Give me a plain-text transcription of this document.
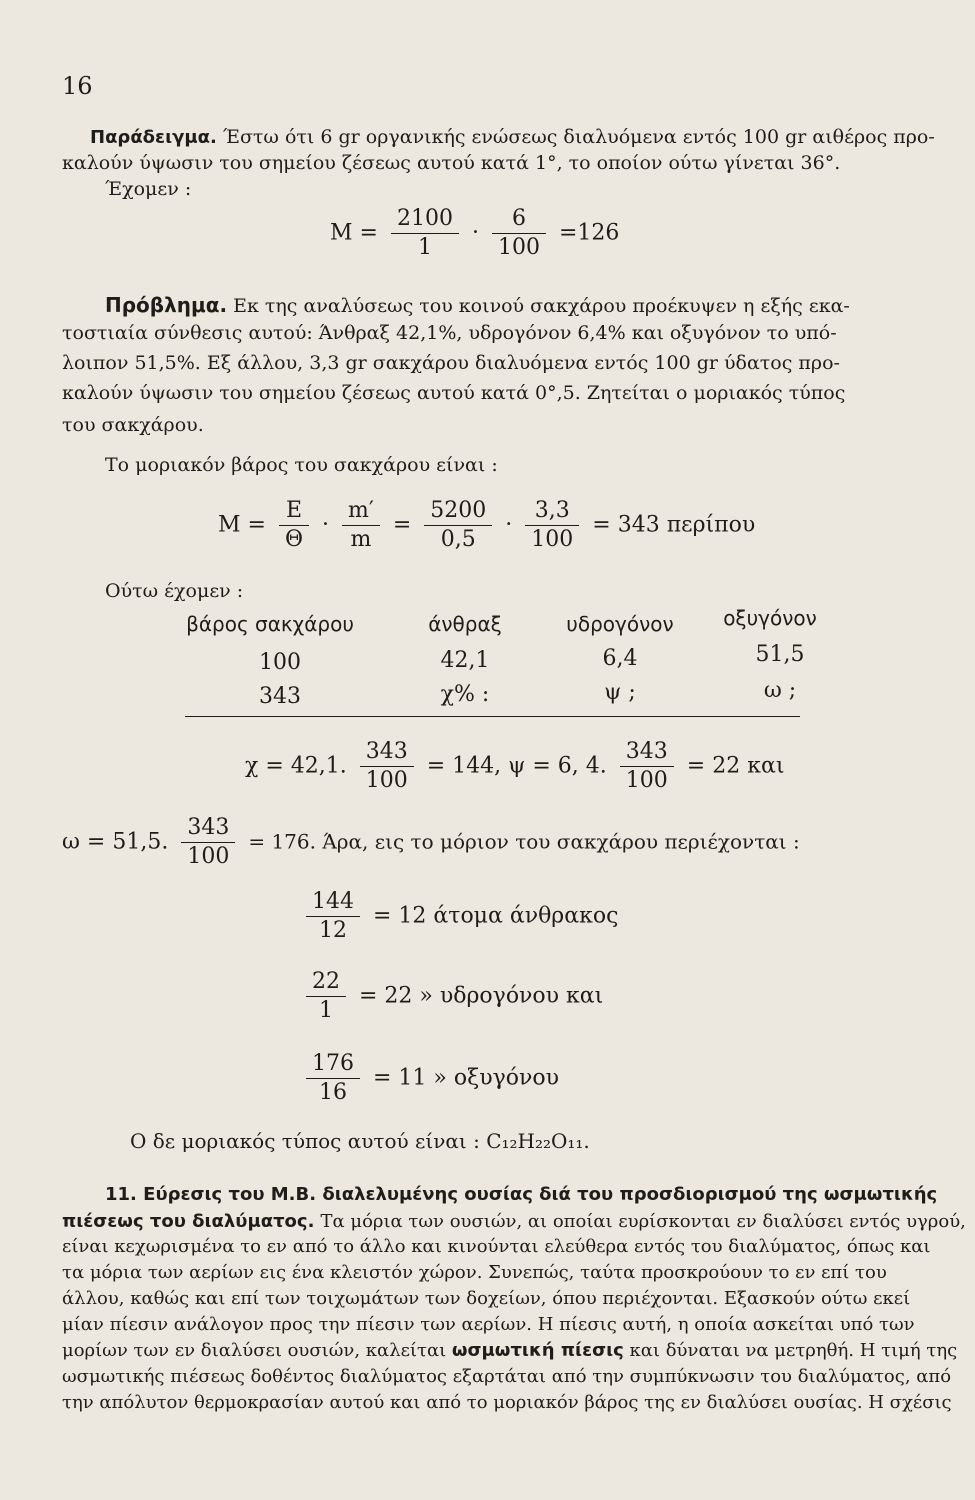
16
Παράδειγμα. Έστω ότι 6 gr οργανικής ενώσεως διαλυόμενα εντός 100 gr αιθέρος προ-
καλούν ύψωσιν του σημείου ζέσεως αυτού κατά 1°, το οποίον ούτω γίνεται 36°.
Έχομεν :
$M = \frac{2100}{1} \cdot \frac{6}{100} =126$
Πρόβλημα. Εκ της αναλύσεως του κοινού σακχάρου προέκυψεν η εξής εκα-
τοστιαία σύνθεσις αυτού: Άνθραξ 42,1%, υδρογόνον 6,4% και οξυγόνον το υπό-
λοιπον 51,5%. Εξ άλλου, 3,3 gr σακχάρου διαλυόμενα εντός 100 gr ύδατος προ-
καλούν ύψωσιν του σημείου ζέσεως αυτού κατά 0°,5. Ζητείται ο μοριακός τύπος
του σακχάρου.
Το μοριακόν βάρος του σακχάρου είναι :
$M = \frac{E}{\Theta} \cdot \frac{m'}{m} = \frac{5200}{0,5} \cdot \frac{3,3}{100} = 343$ περίπου
Ούτω έχομεν :
βάρος σακχάρου	άνθραξ	υδρογόνον	οξυγόνον
100	42,1	6,4	51,5
343	χ% :	ψ ;	ω ;
χ = 42,1. $\frac{343}{100} = 144$, ψ = 6, 4. $\frac{343}{100} = 22$ και
ω = 51,5. $\frac{343}{100} = 176$. Άρα, εις το μόριον του σακχάρου περιέχονται :
$\frac{144}{12} = 12$ άτομα άνθρακος
$\frac{22}{1} = 22$ » υδρογόνου και
$\frac{176}{16} = 11$ » οξυγόνου
Ο δε μοριακός τύπος αυτού είναι : C₁₂H₂₂O₁₁.
11. Εύρεσις του Μ.Β. διαλελυμένης ουσίας διά του προσδιορισμού της ωσμωτικής
πιέσεως του διαλύματος. Τα μόρια των ουσιών, αι οποίαι ευρίσκονται εν διαλύσει εντός υγρού,
είναι κεχωρισμένα το εν από το άλλο και κινούνται ελεύθερα εντός του διαλύματος, όπως και
τα μόρια των αερίων εις ένα κλειστόν χώρον. Συνεπώς, ταύτα προσκρούουν το εν επί του
άλλου, καθώς και επί των τοιχωμάτων των δοχείων, όπου περιέχονται. Εξασκούν ούτω εκεί
μίαν πίεσιν ανάλογον προς την πίεσιν των αερίων. Η πίεσις αυτή, η οποία ασκείται υπό των
μορίων των εν διαλύσει ουσιών, καλείται ωσμωτική πίεσις και δύναται να μετρηθή. Η τιμή της
ωσμωτικής πιέσεως δοθέντος διαλύματος εξαρτάται από την συμπύκνωσιν του διαλύματος, από
την απόλυτον θερμοκρασίαν αυτού και από το μοριακόν βάρος της εν διαλύσει ουσίας. Η σχέσις
